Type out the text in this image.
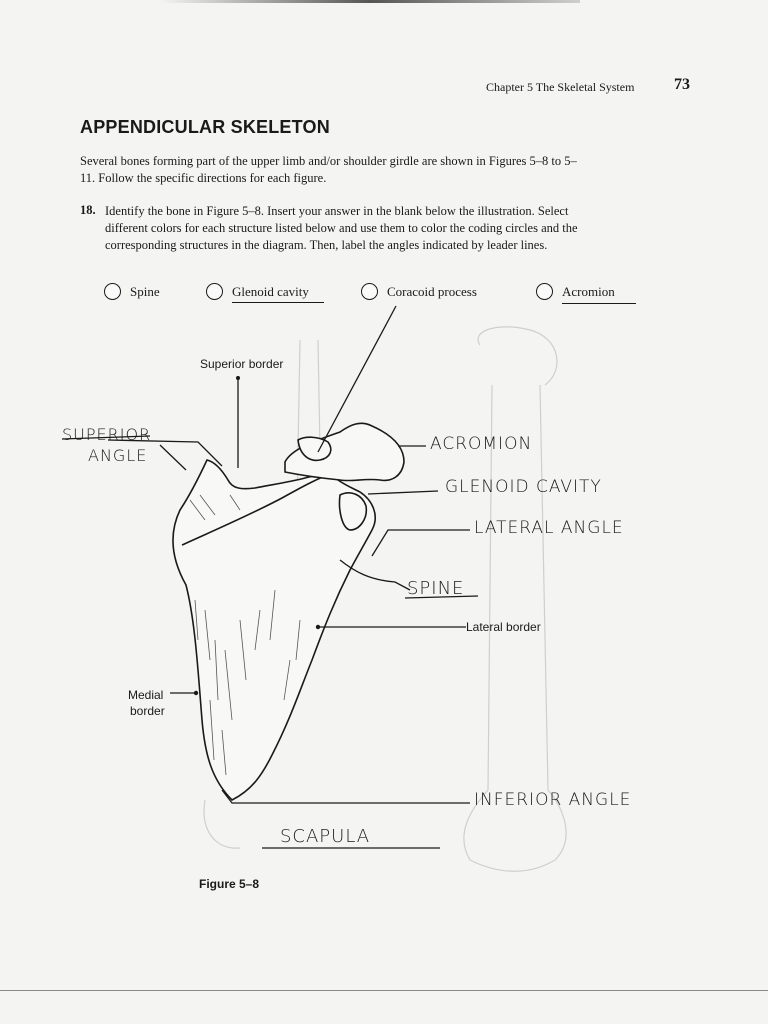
Chapter 5 The Skeletal System 73
APPENDICULAR SKELETON
Several bones forming part of the upper limb and/or shoulder girdle are shown in Figures 5–8 to 5–11. Follow the specific directions for each figure.
18. Identify the bone in Figure 5–8. Insert your answer in the blank below the illustration. Select different colors for each structure listed below and use them to color the coding circles and the corresponding structures in the diagram. Then, label the angles indicated by leader lines.
Spine	Glenoid cavity	Coracoid process	Acromion
Superior border
Lateral border
Medial
border
SUPERIOR
ANGLE
ACROMION
GLENOID CAVITY
LATERAL ANGLE
SPINE
INFERIOR ANGLE
SCAPULA
Figure 5–8
